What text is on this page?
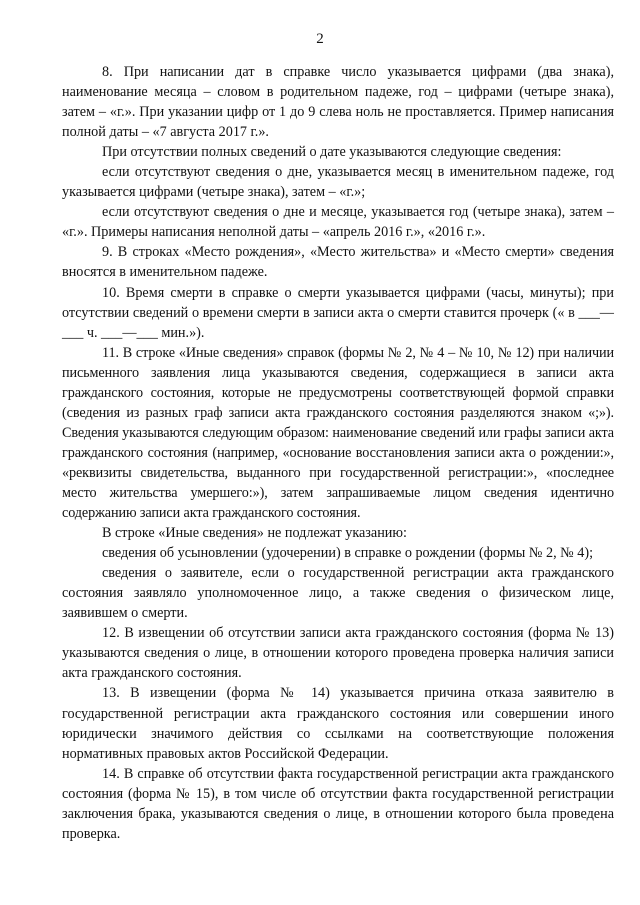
2

8. При написании дат в справке число указывается цифрами (два знака), наименование месяца – словом в родительном падеже, год – цифрами (четыре знака), затем – «г.». При указании цифр от 1 до 9 слева ноль не проставляется. Пример написания полной даты – «7 августа 2017 г.».

При отсутствии полных сведений о дате указываются следующие сведения:

если отсутствуют сведения о дне, указывается месяц в именительном падеже, год указывается цифрами (четыре знака), затем – «г.»;

если отсутствуют сведения о дне и месяце, указывается год (четыре знака), затем – «г.». Примеры написания неполной даты – «апрель 2016 г.», «2016 г.».

9. В строках «Место рождения», «Место жительства» и «Место смерти» сведения вносятся в именительном падеже.

10. Время смерти в справке о смерти указывается цифрами (часы, минуты); при отсутствии сведений о времени смерти в записи акта о смерти ставится прочерк (« в ___—___ ч. ___—___ мин.»).

11. В строке «Иные сведения» справок (формы № 2, № 4 – № 10, № 12) при наличии письменного заявления лица указываются сведения, содержащиеся в записи акта гражданского состояния, которые не предусмотрены соответствующей формой справки (сведения из разных граф записи акта гражданского состояния разделяются знаком «;»). Сведения указываются следующим образом: наименование сведений или графы записи акта гражданского состояния (например, «основание восстановления записи акта о рождении:», «реквизиты свидетельства, выданного при государственной регистрации:», «последнее место жительства умершего:»), затем запрашиваемые лицом сведения идентично содержанию записи акта гражданского состояния.

В строке «Иные сведения» не подлежат указанию:

сведения об усыновлении (удочерении) в справке о рождении (формы № 2, № 4);

сведения о заявителе, если о государственной регистрации акта гражданского состояния заявляло уполномоченное лицо, а также сведения о физическом лице, заявившем о смерти.

12. В извещении об отсутствии записи акта гражданского состояния (форма № 13) указываются сведения о лице, в отношении которого проведена проверка наличия записи акта гражданского состояния.

13. В извещении (форма № 14) указывается причина отказа заявителю в государственной регистрации акта гражданского состояния или совершении иного юридически значимого действия со ссылками на соответствующие положения нормативных правовых актов Российской Федерации.

14. В справке об отсутствии факта государственной регистрации акта гражданского состояния (форма № 15), в том числе об отсутствии факта государственной регистрации заключения брака, указываются сведения о лице, в отношении которого была проведена проверка.
